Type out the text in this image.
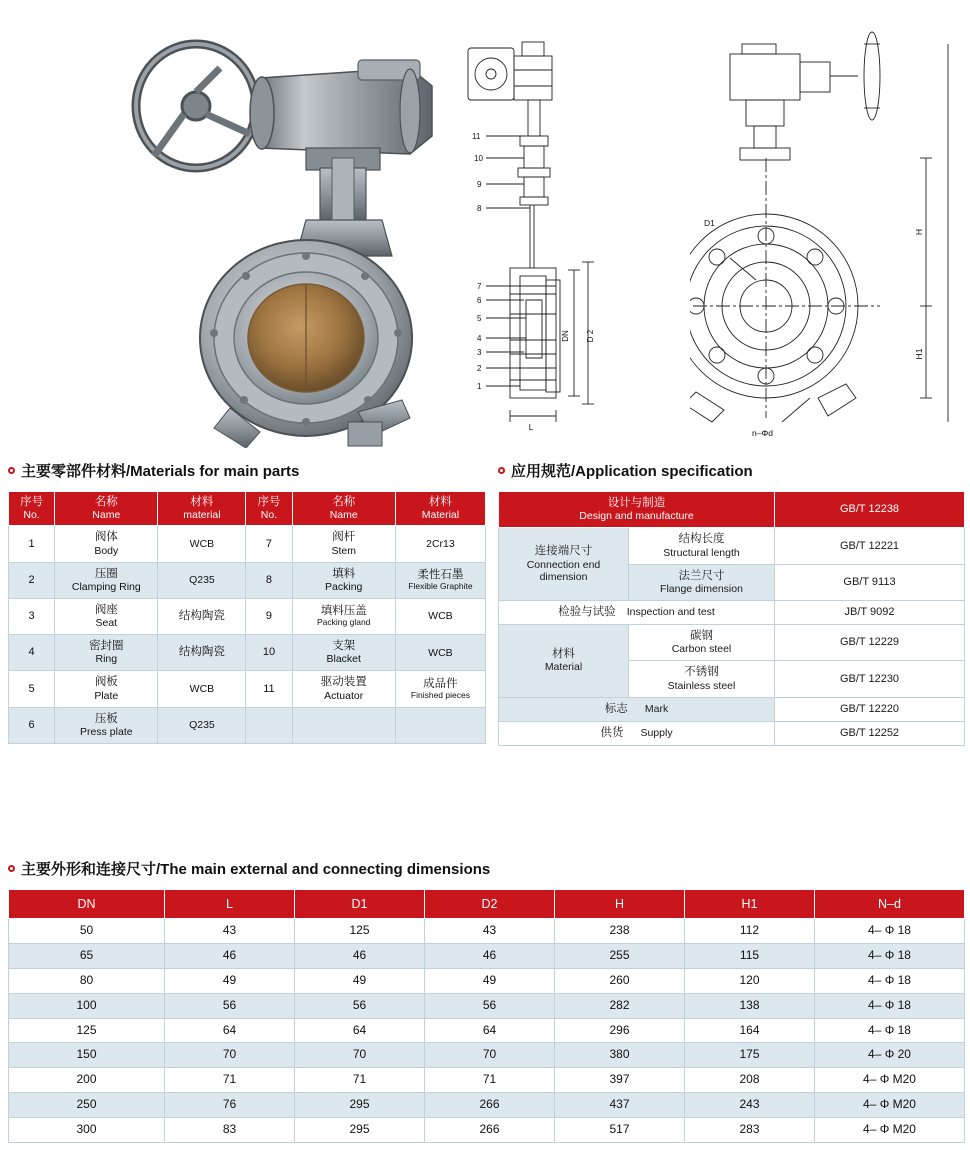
11
10
9
8
7
6
5
4
3
2
1
DN D 2
L
D1
n–Φd
H
H1
主要零部件材料/Materials for main parts
序号
No.	名称
Name	材料
material	序号
No.	名称
Name	材料
Material

1	阀体
Body	WCB	7	阀杆
Stem	2Cr13

2	压圈
Clamping Ring	Q235	8	填料
Packing	柔性石墨
Flexible Graphite

3	阀座
Seat	结构陶瓷	9	填料压盖
Packing gland	WCB

4	密封圈
Ring	结构陶瓷	10	支架
Blacket	WCB

5	阀板
Plate	WCB	11	驱动装置
Actuator	成品件
Finished pieces

6	压板
Press plate	Q235			

应用规范/Application specification
设计与制造
Design and manufacture		GB/T 12238

连接端尺寸
Connection end dimension	结构长度
Structural length	GB/T 12221

	法兰尺寸
Flange dimension	GB/T 9113
检验与试验 Inspection and test		JB/T 9092

材料
Material	碳钢
Carbon steel	GB/T 12229

	不锈钢
Stainless steel	GB/T 12230
标志 Mark		GB/T 12220
供货 Supply		GB/T 12252
主要外形和连接尺寸/The main external and connecting dimensions
DN	L	D1	D2	H	H1	N–d
50	43	125	43	238	112	4– Φ 18
65	46	46	46	255	115	4– Φ 18
80	49	49	49	260	120	4– Φ 18
100	56	56	56	282	138	4– Φ 18
125	64	64	64	296	164	4– Φ 18
150	70	70	70	380	175	4– Φ 20
200	71	71	71	397	208	4– Φ M20
250	76	295	266	437	243	4– Φ M20
300	83	295	266	517	283	4– Φ M20
